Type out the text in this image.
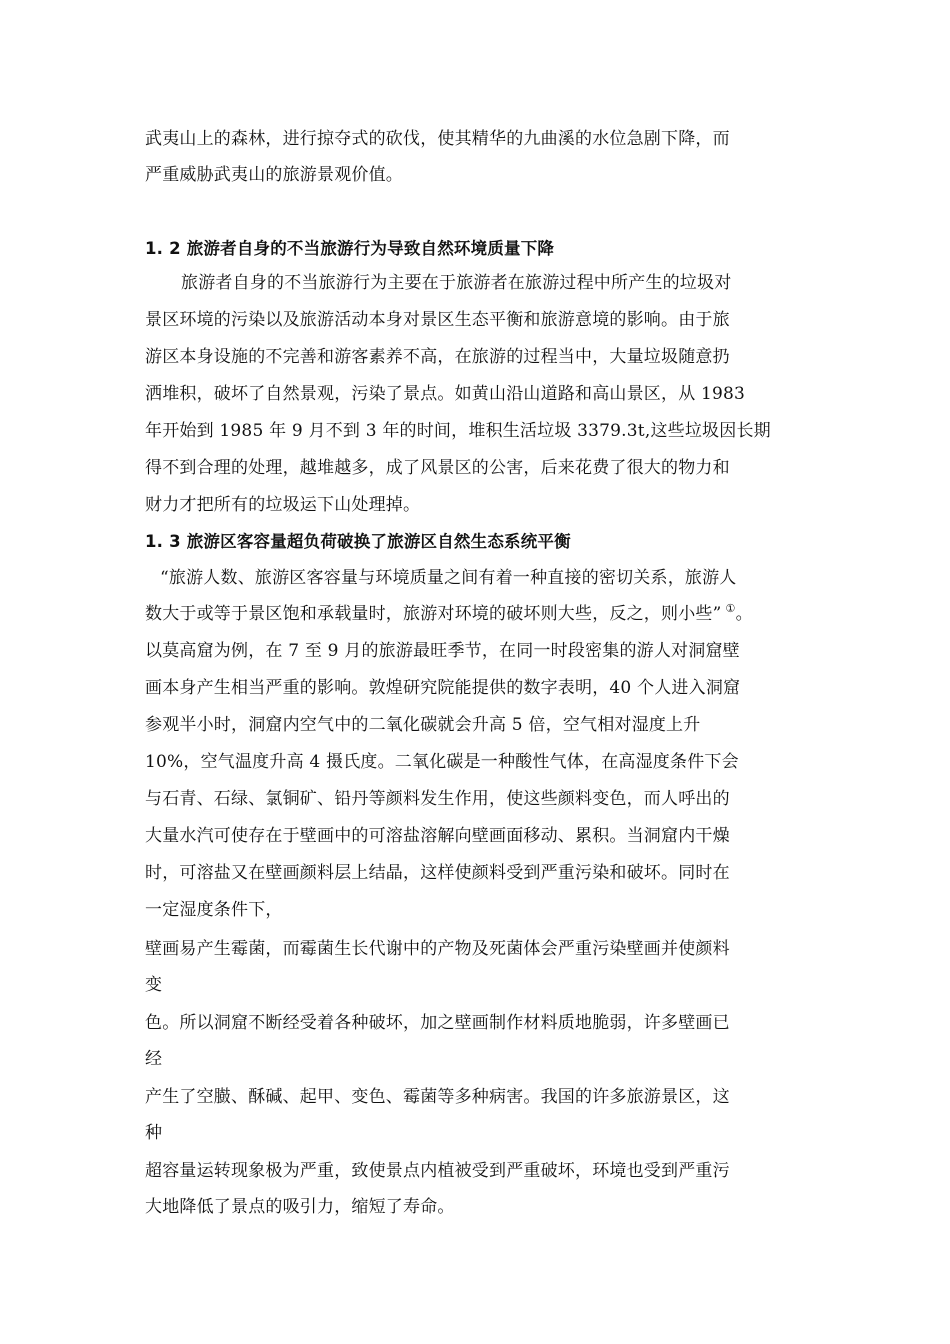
武夷山上的森林，进行掠夺式的砍伐，使其精华的九曲溪的水位急剧下降，而
严重威胁武夷山的旅游景观价值。
1. 2 旅游者自身的不当旅游行为导致自然环境质量下降
旅游者自身的不当旅游行为主要在于旅游者在旅游过程中所产生的垃圾对
景区环境的污染以及旅游活动本身对景区生态平衡和旅游意境的影响。由于旅
游区本身设施的不完善和游客素养不高，在旅游的过程当中，大量垃圾随意扔
洒堆积，破坏了自然景观，污染了景点。如黄山沿山道路和高山景区，从 1983
年开始到 1985 年 9 月不到 3 年的时间，堆积生活垃圾 3379.3t,这些垃圾因长期
得不到合理的处理，越堆越多，成了风景区的公害，后来花费了很大的物力和
财力才把所有的垃圾运下山处理掉。
1. 3 旅游区客容量超负荷破换了旅游区自然生态系统平衡
“旅游人数、旅游区客容量与环境质量之间有着一种直接的密切关系，旅游人
数大于或等于景区饱和承载量时，旅游对环境的破坏则大些，反之，则小些” ①。
以莫高窟为例，在 7 至 9 月的旅游最旺季节，在同一时段密集的游人对洞窟壁
画本身产生相当严重的影响。敦煌研究院能提供的数字表明，40 个人进入洞窟
参观半小时，洞窟内空气中的二氧化碳就会升高 5 倍，空气相对湿度上升
10%，空气温度升高 4 摄氏度。二氧化碳是一种酸性气体，在高湿度条件下会
与石青、石绿、氯铜矿、铅丹等颜料发生作用，使这些颜料变色，而人呼出的
大量水汽可使存在于壁画中的可溶盐溶解向壁画面移动、累积。当洞窟内干燥
时，可溶盐又在壁画颜料层上结晶，这样使颜料受到严重污染和破坏。同时在
一定湿度条件下，
壁画易产生霉菌，而霉菌生长代谢中的产物及死菌体会严重污染壁画并使颜料
变
色。所以洞窟不断经受着各种破坏，加之壁画制作材料质地脆弱，许多壁画已
经
产生了空臌、酥碱、起甲、变色、霉菌等多种病害。我国的许多旅游景区，这
种
超容量运转现象极为严重，致使景点内植被受到严重破坏，环境也受到严重污
大地降低了景点的吸引力，缩短了寿命。
